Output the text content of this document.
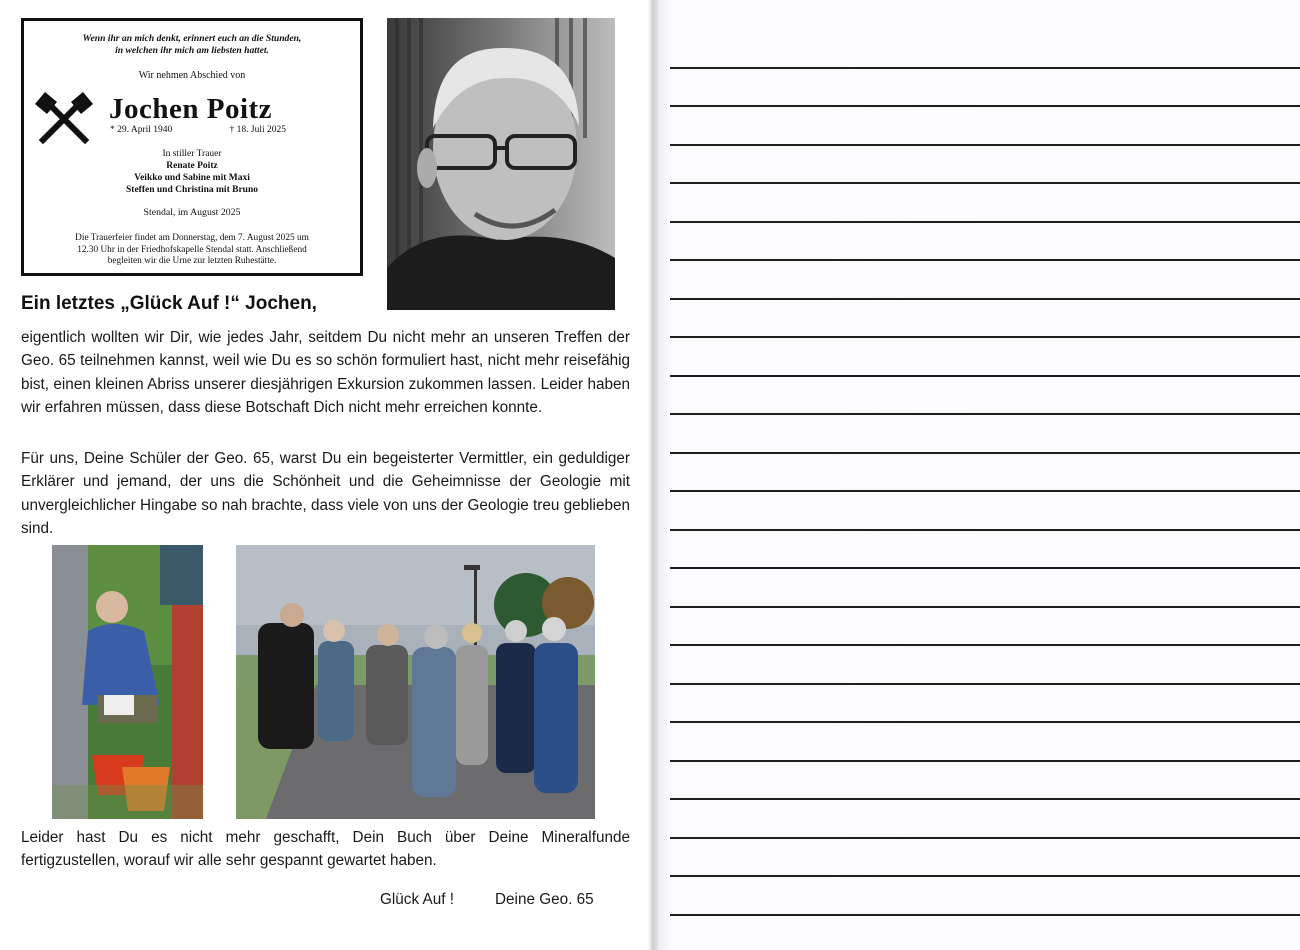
Wenn ihr an mich denkt, erinnert euch an die Stunden,
in welchen ihr mich am liebsten hattet.
Wir nehmen Abschied von
Jochen Poitz
* 29. April 1940	† 18. Juli 2025
In stiller Trauer
Renate Poitz
Veikko und Sabine mit Maxi
Steffen und Christina mit Bruno
Stendal, im August 2025
Die Trauerfeier findet am Donnerstag, dem 7. August 2025 um
12.30 Uhr in der Friedhofskapelle Stendal statt. Anschließend
begleiten wir die Urne zur letzten Ruhestätte.
Ein letztes „Glück Auf !“ Jochen,
eigentlich wollten wir Dir, wie jedes Jahr, seitdem Du nicht mehr an unseren Treffen der Geo. 65 teilnehmen kannst, weil wie Du es so schön formuliert hast, nicht mehr reisefähig bist, einen kleinen Abriss unserer diesjährigen Exkursion zukommen lassen. Leider haben wir erfahren müssen, dass diese Botschaft Dich nicht mehr erreichen konnte.
Für uns, Deine Schüler der Geo. 65, warst Du ein begeisterter Vermittler, ein geduldiger Erklärer und jemand, der uns die Schönheit und die Geheimnisse der Geologie mit unvergleichlicher Hingabe so nah brachte, dass viele von uns der Geologie treu geblieben sind.
Leider hast Du es nicht mehr geschafft, Dein Buch über Deine Mineralfunde fertigzustellen, worauf wir alle sehr gespannt gewartet haben.
Glück Auf !	Deine Geo. 65
